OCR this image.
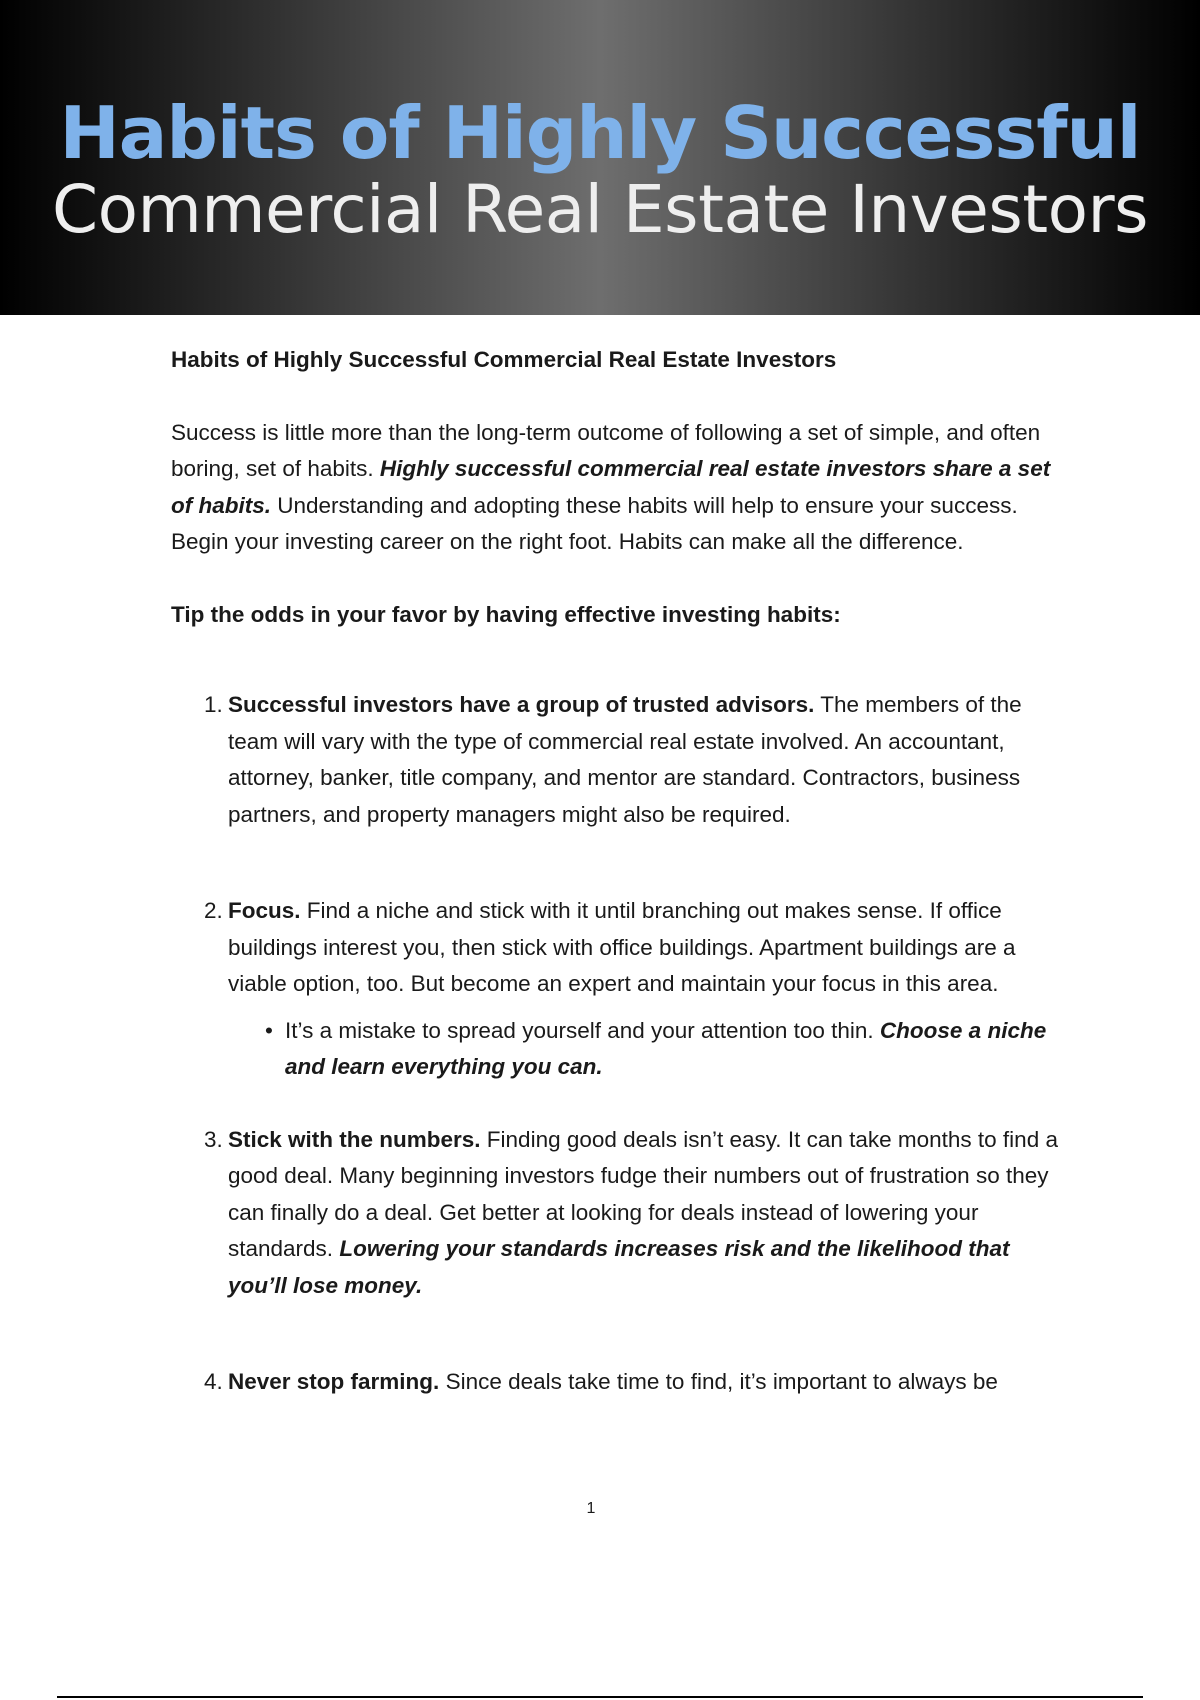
Habits of Highly Successful
Commercial Real Estate Investors

Habits of Highly Successful Commercial Real Estate Investors

Success is little more than the long-term outcome of following a set of simple, and often boring, set of habits. Highly successful commercial real estate investors share a set of habits. Understanding and adopting these habits will help to ensure your success. Begin your investing career on the right foot. Habits can make all the difference.

Tip the odds in your favor by having effective investing habits:

1. Successful investors have a group of trusted advisors. The members of the team will vary with the type of commercial real estate involved. An accountant, attorney, banker, title company, and mentor are standard. Contractors, business partners, and property managers might also be required.
2. Focus. Find a niche and stick with it until branching out makes sense. If office buildings interest you, then stick with office buildings. Apartment buildings are a viable option, too. But become an expert and maintain your focus in this area.
• It’s a mistake to spread yourself and your attention too thin. Choose a niche and learn everything you can.
3. Stick with the numbers. Finding good deals isn’t easy. It can take months to find a good deal. Many beginning investors fudge their numbers out of frustration so they can finally do a deal. Get better at looking for deals instead of lowering your standards. Lowering your standards increases risk and the likelihood that you’ll lose money.
4. Never stop farming. Since deals take time to find, it’s important to always be
1
